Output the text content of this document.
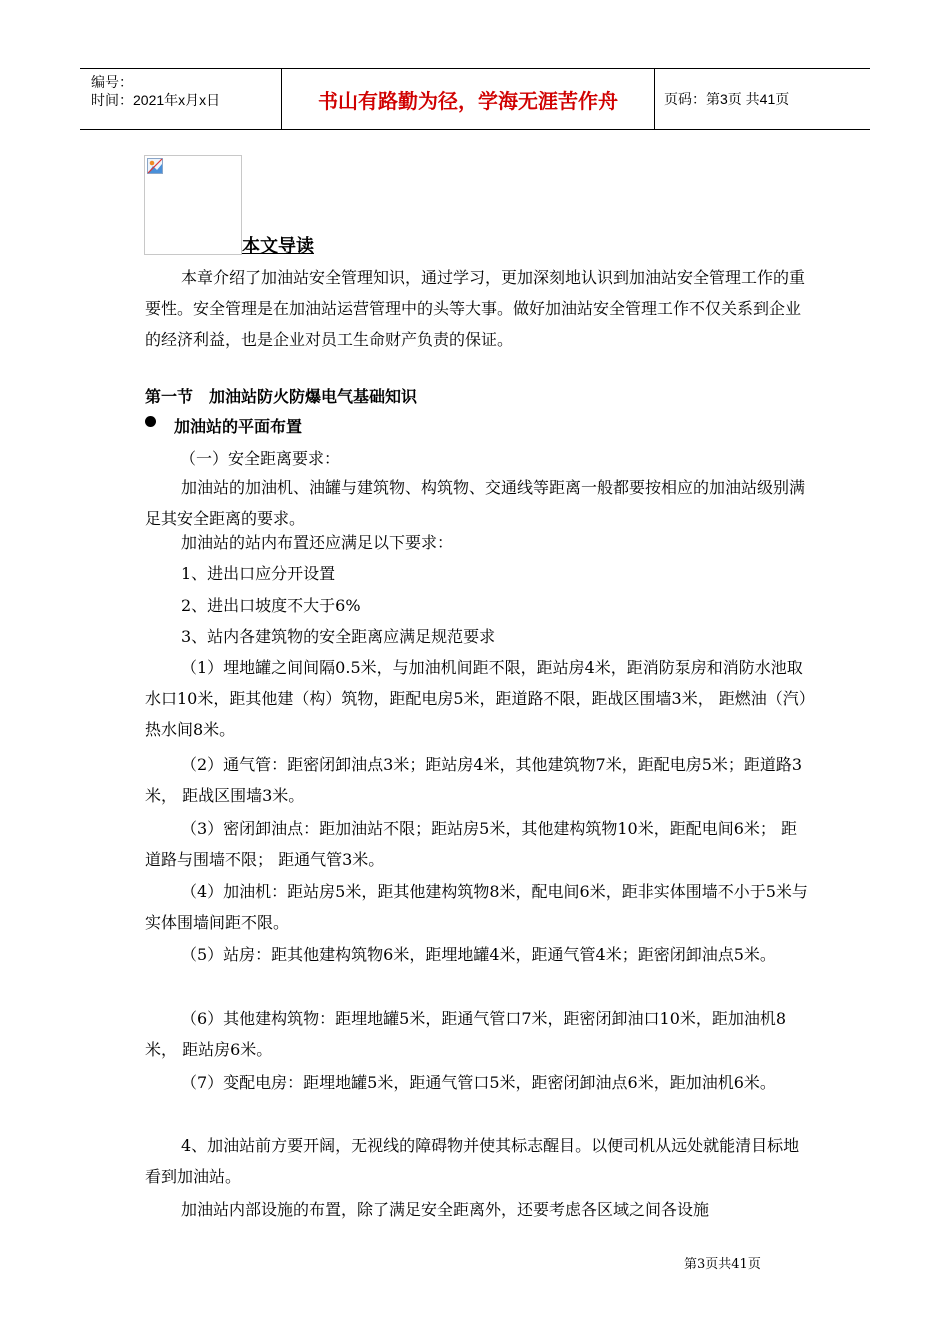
编号：
时间：2021年x月x日	书山有路勤为径，学海无涯苦作舟	页码：第3页 共41页
本文导读
本章介绍了加油站安全管理知识，通过学习，更加深刻地认识到加油站安全管理工作的重要性。安全管理是在加油站运营管理中的头等大事。做好加油站安全管理工作不仅关系到企业的经济利益，也是企业对员工生命财产负责的保证。
第一节　加油站防火防爆电气基础知识
加油站的平面布置
（一）安全距离要求：
加油站的加油机、油罐与建筑物、构筑物、交通线等距离一般都要按相应的加油站级别满足其安全距离的要求。
加油站的站内布置还应满足以下要求：
1、进出口应分开设置
2、进出口坡度不大于6%
3、站内各建筑物的安全距离应满足规范要求
（1）埋地罐之间间隔0.5米，与加油机间距不限，距站房4米，距消防泵房和消防水池取水口10米，距其他建（构）筑物，距配电房5米，距道路不限，距战区围墙3米， 距燃油（汽）热水间8米。
（2）通气管：距密闭卸油点3米；距站房4米，其他建筑物7米，距配电房5米；距道路3米， 距战区围墙3米。
（3）密闭卸油点：距加油站不限；距站房5米，其他建构筑物10米，距配电间6米； 距道路与围墙不限； 距通气管3米。
（4）加油机：距站房5米，距其他建构筑物8米，配电间6米，距非实体围墙不小于5米与实体围墙间距不限。
（5）站房：距其他建构筑物6米，距埋地罐4米，距通气管4米；距密闭卸油点5米。
（6）其他建构筑物：距埋地罐5米，距通气管口7米，距密闭卸油口10米，距加油机8米， 距站房6米。
（7）变配电房：距埋地罐5米，距通气管口5米，距密闭卸油点6米，距加油机6米。
4、加油站前方要开阔，无视线的障碍物并使其标志醒目。以便司机从远处就能清目标地看到加油站。
加油站内部设施的布置，除了满足安全距离外，还要考虑各区域之间各设施
第3页共41页
